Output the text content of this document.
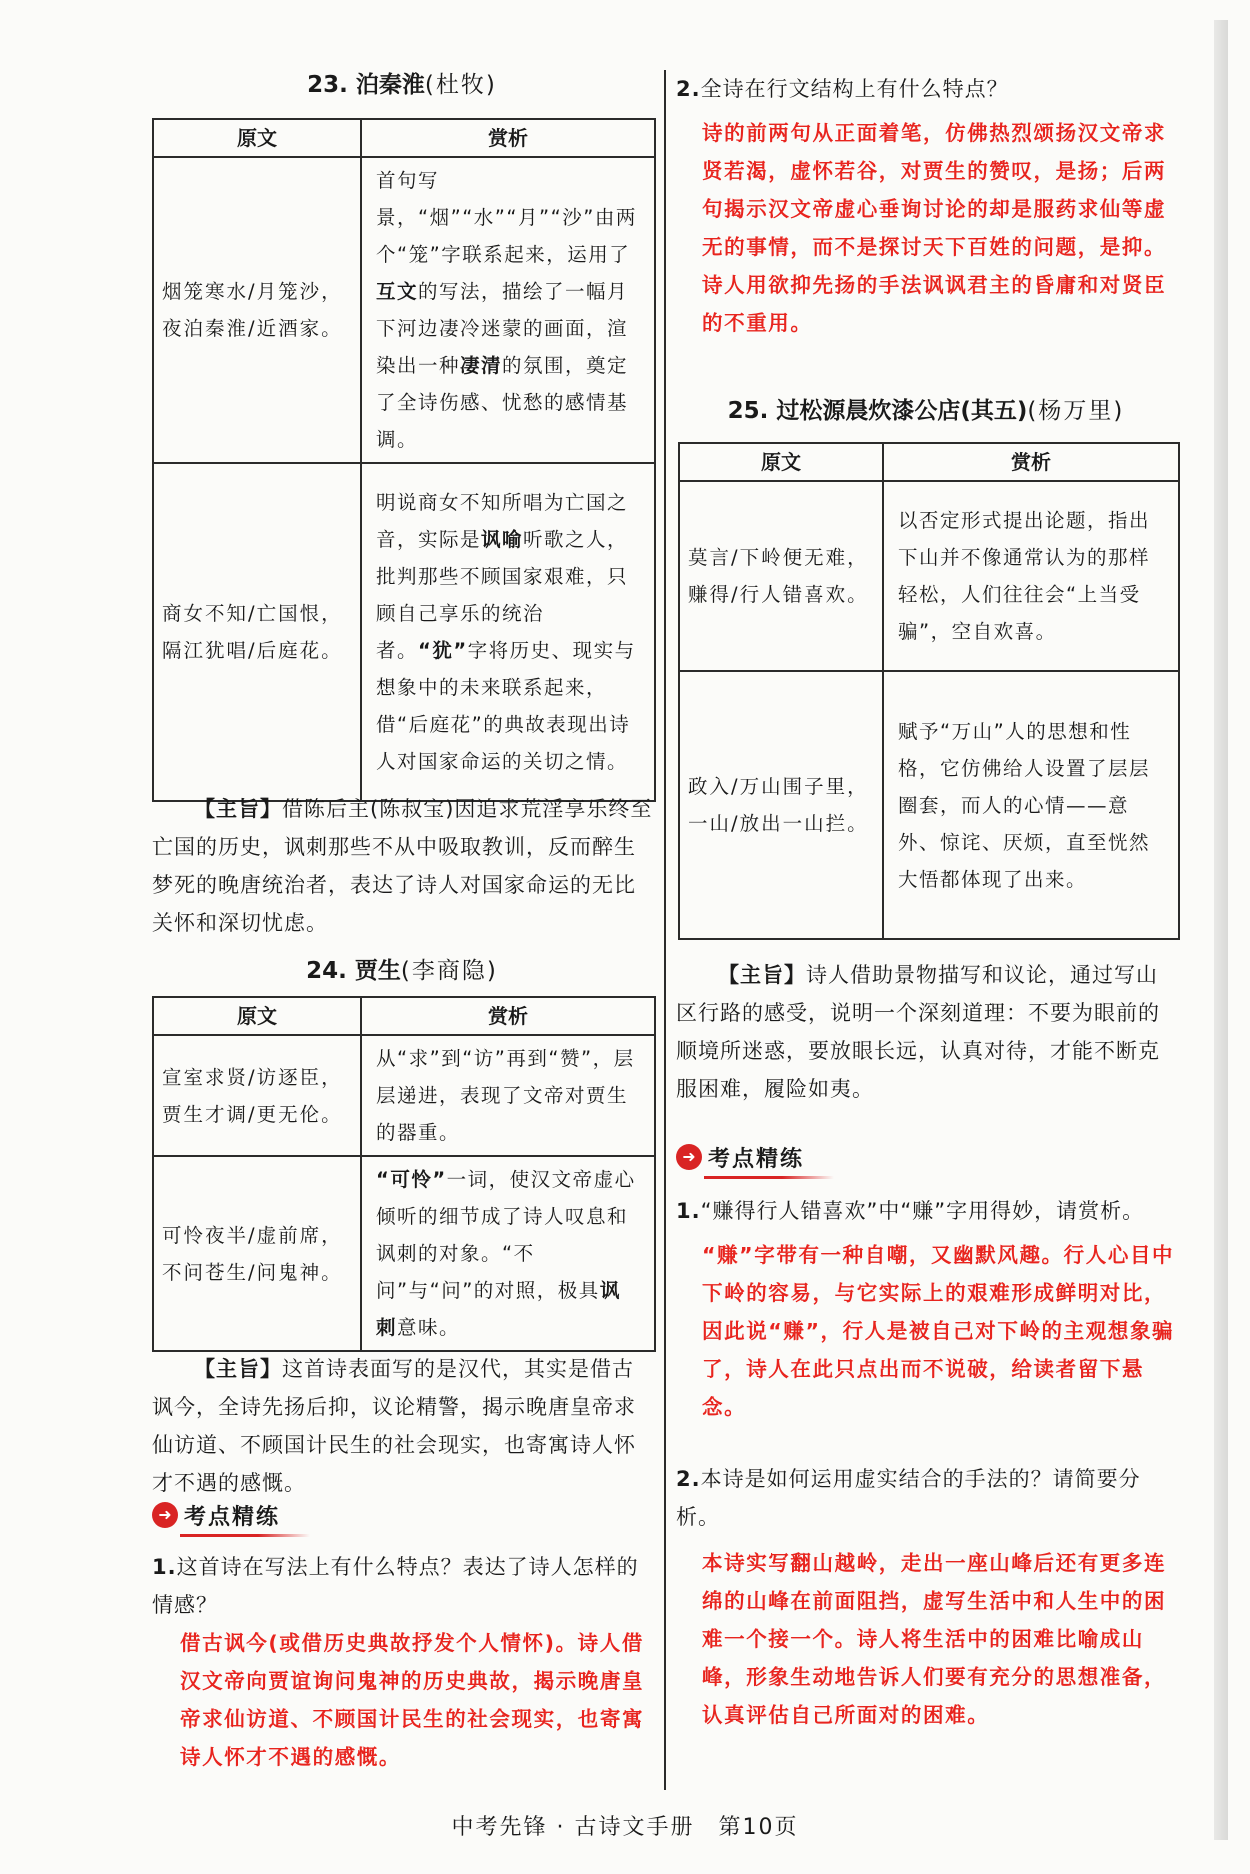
23. 泊秦淮(杜牧)
原文	赏析
烟笼寒水/月笼沙，夜泊秦淮/近酒家。	首句写景，“烟”“水”“月”“沙”由两个“笼”字联系起来，运用了互文的写法，描绘了一幅月下河边凄冷迷蒙的画面，渲染出一种凄清的氛围，奠定了全诗伤感、忧愁的感情基调。
商女不知/亡国恨，隔江犹唱/后庭花。	明说商女不知所唱为亡国之音，实际是讽喻听歌之人，批判那些不顾国家艰难，只顾自己享乐的统治者。“犹”字将历史、现实与想象中的未来联系起来，借“后庭花”的典故表现出诗人对国家命运的关切之情。
【主旨】借陈后主(陈叔宝)因追求荒淫享乐终至亡国的历史，讽刺那些不从中吸取教训，反而醉生梦死的晚唐统治者，表达了诗人对国家命运的无比关怀和深切忧虑。
24. 贾生(李商隐)
原文	赏析
宣室求贤/访逐臣，贾生才调/更无伦。	从“求”到“访”再到“赞”，层层递进，表现了文帝对贾生的器重。
可怜夜半/虚前席，不问苍生/问鬼神。	“可怜”一词，使汉文帝虚心倾听的细节成了诗人叹息和讽刺的对象。“不问”与“问”的对照，极具讽刺意味。
【主旨】这首诗表面写的是汉代，其实是借古讽今，全诗先扬后抑，议论精警，揭示晚唐皇帝求仙访道、不顾国计民生的社会现实，也寄寓诗人怀才不遇的感慨。
➜ 考点精练
1.这首诗在写法上有什么特点？表达了诗人怎样的情感？
借古讽今(或借历史典故抒发个人情怀)。诗人借汉文帝向贾谊询问鬼神的历史典故，揭示晚唐皇帝求仙访道、不顾国计民生的社会现实，也寄寓诗人怀才不遇的感慨。
2.全诗在行文结构上有什么特点？
诗的前两句从正面着笔，仿佛热烈颂扬汉文帝求贤若渴，虚怀若谷，对贾生的赞叹，是扬；后两句揭示汉文帝虚心垂询讨论的却是服药求仙等虚无的事情，而不是探讨天下百姓的问题，是抑。诗人用欲抑先扬的手法讽讽君主的昏庸和对贤臣的不重用。
25. 过松源晨炊漆公店(其五)(杨万里)
原文	赏析
莫言/下岭便无难，赚得/行人错喜欢。	以否定形式提出论题，指出下山并不像通常认为的那样轻松，人们往往会“上当受骗”，空自欢喜。
政入/万山围子里，一山/放出一山拦。	赋予“万山”人的思想和性格，它仿佛给人设置了层层圈套，而人的心情——意外、惊诧、厌烦，直至恍然大悟都体现了出来。
【主旨】诗人借助景物描写和议论，通过写山区行路的感受，说明一个深刻道理：不要为眼前的顺境所迷惑，要放眼长远，认真对待，才能不断克服困难，履险如夷。
➜ 考点精练
1.“赚得行人错喜欢”中“赚”字用得妙，请赏析。
“赚”字带有一种自嘲，又幽默风趣。行人心目中下岭的容易，与它实际上的艰难形成鲜明对比，因此说“赚”，行人是被自己对下岭的主观想象骗了，诗人在此只点出而不说破，给读者留下悬念。
2.本诗是如何运用虚实结合的手法的？请简要分析。
本诗实写翻山越岭，走出一座山峰后还有更多连绵的山峰在前面阻挡，虚写生活中和人生中的困难一个接一个。诗人将生活中的困难比喻成山峰，形象生动地告诉人们要有充分的思想准备，认真评估自己所面对的困难。
中考先锋 · 古诗文手册　第10页
